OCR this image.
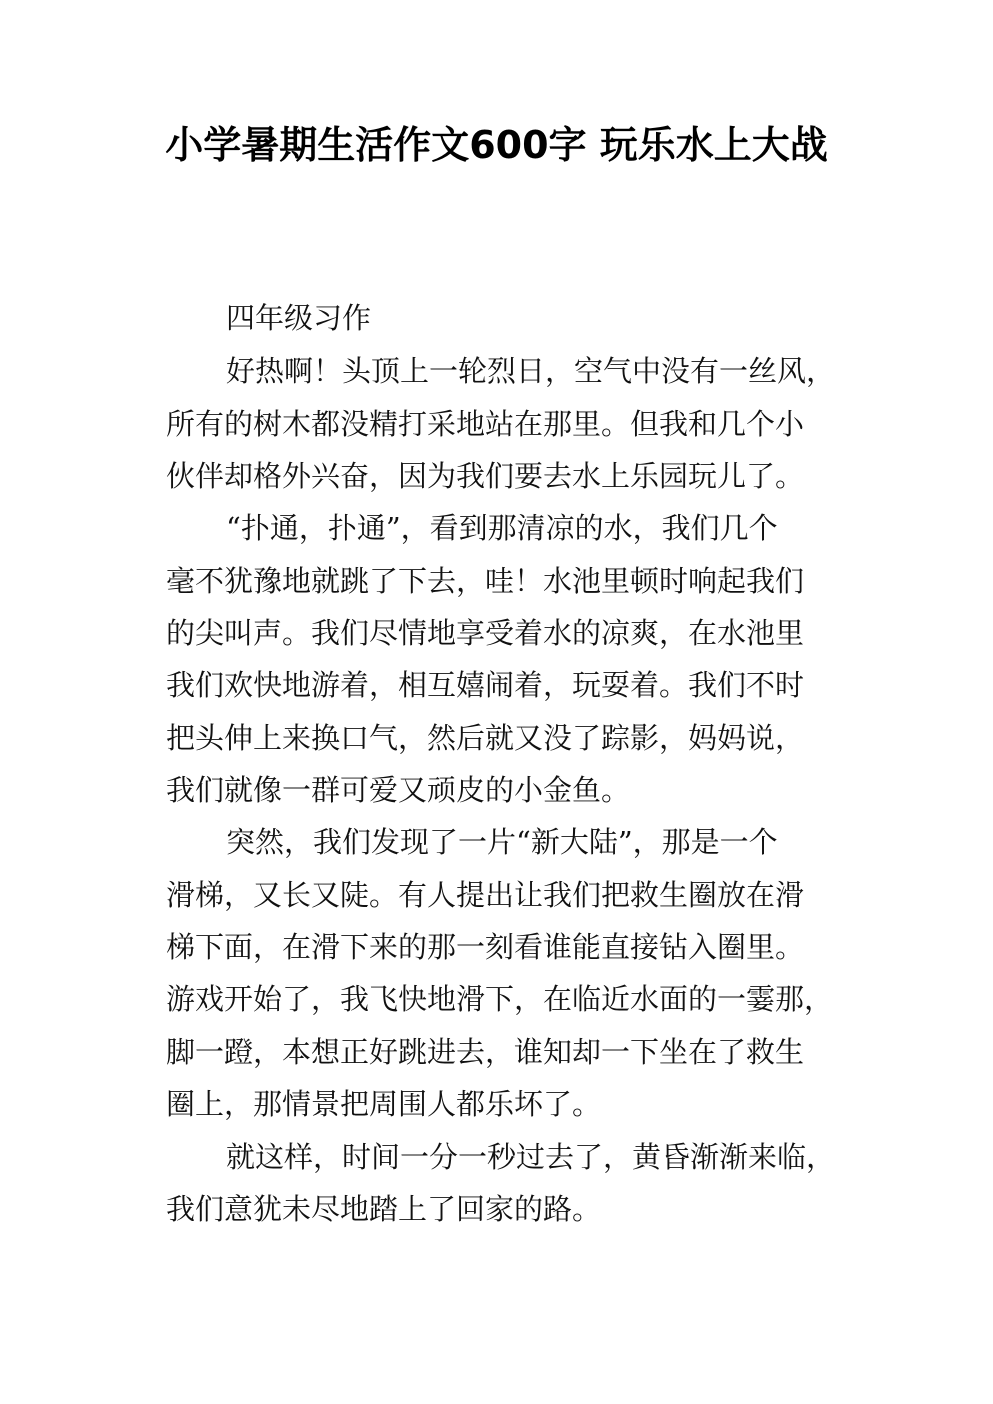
小学暑期生活作文600字 玩乐水上大战

四年级习作

好热啊！头顶上一轮烈日，空气中没有一丝风，

所有的树木都没精打采地站在那里。但我和几个小

伙伴却格外兴奋，因为我们要去水上乐园玩儿了。

“扑通，扑通”，看到那清凉的水，我们几个

毫不犹豫地就跳了下去，哇！水池里顿时响起我们

的尖叫声。我们尽情地享受着水的凉爽，在水池里

我们欢快地游着，相互嬉闹着，玩耍着。我们不时

把头伸上来换口气，然后就又没了踪影，妈妈说，

我们就像一群可爱又顽皮的小金鱼。

突然，我们发现了一片“新大陆”，那是一个

滑梯，又长又陡。有人提出让我们把救生圈放在滑

梯下面，在滑下来的那一刻看谁能直接钻入圈里。

游戏开始了，我飞快地滑下，在临近水面的一霎那，

脚一蹬，本想正好跳进去，谁知却一下坐在了救生

圈上，那情景把周围人都乐坏了。

就这样，时间一分一秒过去了，黄昏渐渐来临，

我们意犹未尽地踏上了回家的路。
